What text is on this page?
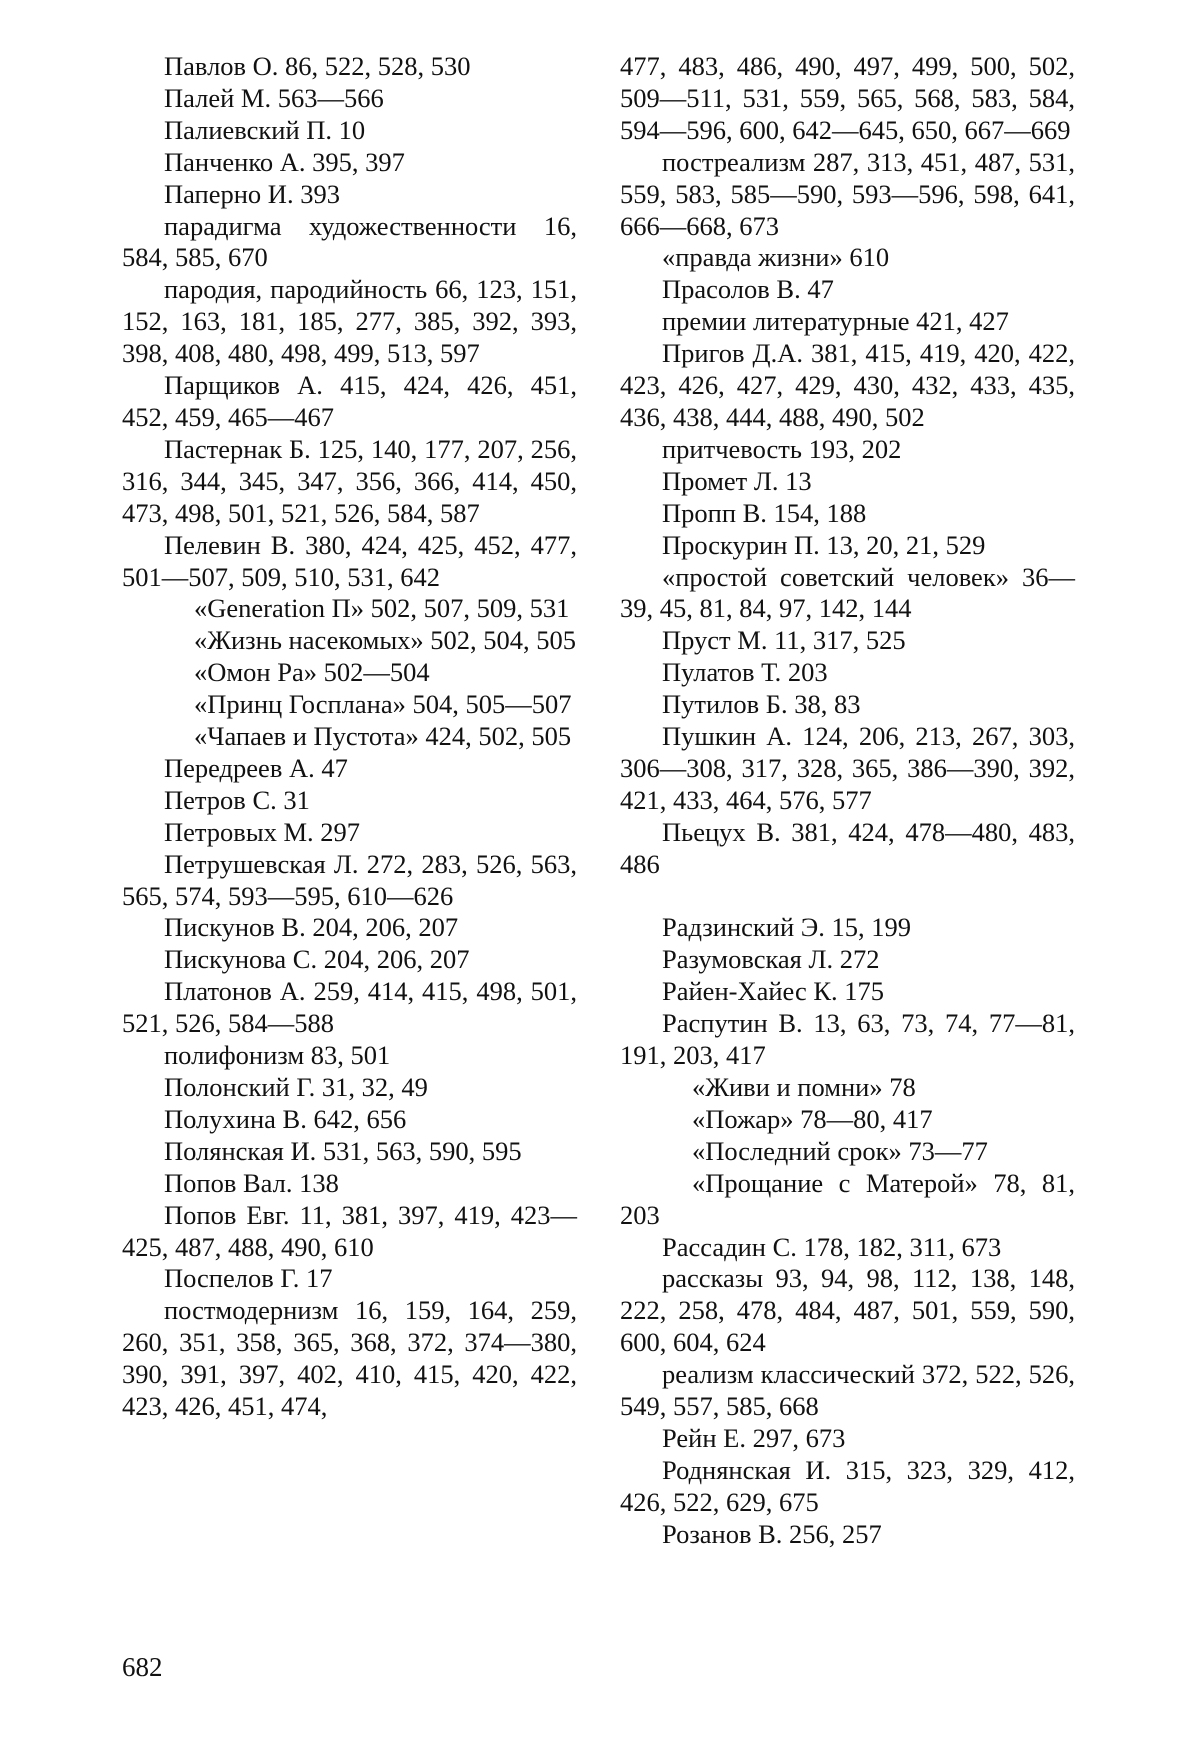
Павлов О. 86, 522, 528, 530

Палей М. 563—566

Палиевский П. 10

Панченко А. 395, 397

Паперно И. 393

парадигма художественности 16, 584, 585, 670

пародия, пародийность 66, 123, 151, 152, 163, 181, 185, 277, 385, 392, 393, 398, 408, 480, 498, 499, 513, 597

Парщиков А. 415, 424, 426, 451, 452, 459, 465—467

Пастернак Б. 125, 140, 177, 207, 256, 316, 344, 345, 347, 356, 366, 414, 450, 473, 498, 501, 521, 526, 584, 587

Пелевин В. 380, 424, 425, 452, 477, 501—507, 509, 510, 531, 642

«Generation П» 502, 507, 509, 531

«Жизнь насекомых» 502, 504, 505

«Омон Ра» 502—504

«Принц Госплана» 504, 505—507

«Чапаев и Пустота» 424, 502, 505

Передреев А. 47

Петров С. 31

Петровых М. 297

Петрушевская Л. 272, 283, 526, 563, 565, 574, 593—595, 610—626

Пискунов В. 204, 206, 207

Пискунова С. 204, 206, 207

Платонов А. 259, 414, 415, 498, 501, 521, 526, 584—588

полифонизм 83, 501

Полонский Г. 31, 32, 49

Полухина В. 642, 656

Полянская И. 531, 563, 590, 595

Попов Вал. 138

Попов Евг. 11, 381, 397, 419, 423—425, 487, 488, 490, 610

Поспелов Г. 17

постмодернизм 16, 159, 164, 259, 260, 351, 358, 365, 368, 372, 374—380, 390, 391, 397, 402, 410, 415, 420, 422, 423, 426, 451, 474,

477, 483, 486, 490, 497, 499, 500, 502, 509—511, 531, 559, 565, 568, 583, 584, 594—596, 600, 642—645, 650, 667—669

постреализм 287, 313, 451, 487, 531, 559, 583, 585—590, 593—596, 598, 641, 666—668, 673

«правда жизни» 610

Прасолов В. 47

премии литературные 421, 427

Пригов Д.А. 381, 415, 419, 420, 422, 423, 426, 427, 429, 430, 432, 433, 435, 436, 438, 444, 488, 490, 502

притчевость 193, 202

Промет Л. 13

Пропп В. 154, 188

Проскурин П. 13, 20, 21, 529

«простой советский человек» 36—39, 45, 81, 84, 97, 142, 144

Пруст М. 11, 317, 525

Пулатов Т. 203

Путилов Б. 38, 83

Пушкин А. 124, 206, 213, 267, 303, 306—308, 317, 328, 365, 386—390, 392, 421, 433, 464, 576, 577

Пьецух В. 381, 424, 478—480, 483, 486

Радзинский Э. 15, 199

Разумовская Л. 272

Райен-Хайес К. 175

Распутин В. 13, 63, 73, 74, 77—81, 191, 203, 417

«Живи и помни» 78

«Пожар» 78—80, 417

«Последний срок» 73—77

«Прощание с Матерой» 78, 81, 203

Рассадин С. 178, 182, 311, 673

рассказы 93, 94, 98, 112, 138, 148, 222, 258, 478, 484, 487, 501, 559, 590, 600, 604, 624

реализм классический 372, 522, 526, 549, 557, 585, 668

Рейн Е. 297, 673

Роднянская И. 315, 323, 329, 412, 426, 522, 629, 675

Розанов В. 256, 257

682
